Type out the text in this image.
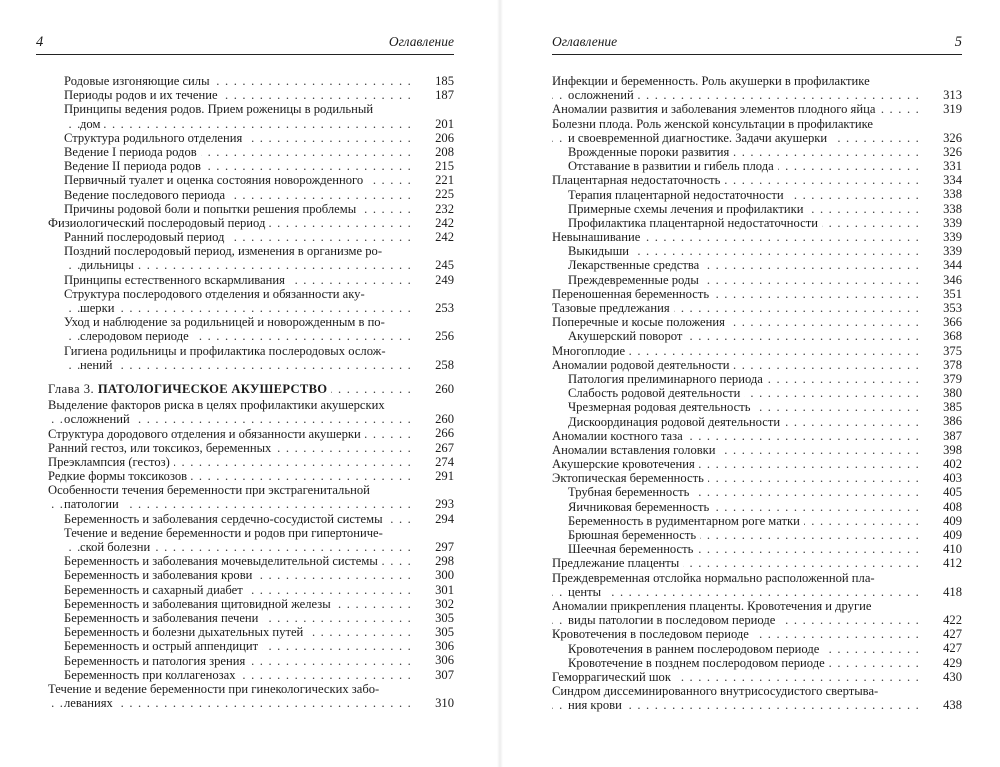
4	Оглавление
. . . Родовые изгоняющие силы	185
. . . Периоды родов и их течение	187
Принципы ведения родов. Прием роженицы в родильный
. . . дом	201
. . . Структура родильного отделения	206
. . . Ведение I периода родов	208
. . . Ведение II периода родов	215
. . . Первичный туалет и оценка состояния новорожденного	221
. . . Ведение последового периода	225
. . . Причины родовой боли и попытки решения проблемы	232
. . . Физиологический послеродовый период	242
. . . Ранний послеродовый период	242
Поздний послеродовый период, изменения в организме ро-
. . . дильницы	245
. . . Принципы естественного вскармливания	249
Структура послеродового отделения и обязанности аку-
. . . шерки	253
Уход и наблюдение за родильницей и новорожденным в по-
. . . слеродовом периоде	256
Гигиена родильницы и профилактика послеродовых ослож-
. . . нений	258
. . . Глава 3. ПАТОЛОГИЧЕСКОЕ АКУШЕРСТВО	260
Выделение факторов риска в целях профилактики акушерских
. . . осложнений	260
. . . Структура дородового отделения и обязанности акушерки	266
. . . Ранний гестоз, или токсикоз, беременных	267
. . . Преэклампсия (гестоз)	274
. . . Редкие формы токсикозов	291
Особенности течения беременности при экстрагенитальной
. . . патологии	293
. . . Беременность и заболевания сердечно-сосудистой системы	294
Течение и ведение беременности и родов при гипертониче-
. . . ской болезни	297
. . . Беременность и заболевания мочевыделительной системы	298
. . . Беременность и заболевания крови	300
. . . Беременность и сахарный диабет	301
. . . Беременность и заболевания щитовидной железы	302
. . . Беременность и заболевания печени	305
. . . Беременность и болезни дыхательных путей	305
. . . Беременность и острый аппендицит	306
. . . Беременность и патология зрения	306
. . . Беременность при коллагенозах	307
Течение и ведение беременности при гинекологических забо-
. . . леваниях	310
Оглавление	5
Инфекции и беременность. Роль акушерки в профилактике
. . . осложнений	313
. . . Аномалии развития и заболевания элементов плодного яйца	319
Болезни плода. Роль женской консультации в профилактике
. . . и своевременной диагностике. Задачи акушерки	326
. . . Врожденные пороки развития	326
. . . Отставание в развитии и гибель плода	331
. . . Плацентарная недостаточность	334
. . . Терапия плацентарной недостаточности	338
. . . Примерные схемы лечения и профилактики	338
. . . Профилактика плацентарной недостаточности	339
. . . Невынашивание	339
. . . Выкидыши	339
. . . Лекарственные средства	344
. . . Преждевременные роды	346
. . . Переношенная беременность	351
. . . Тазовые предлежания	353
. . . Поперечные и косые положения	366
. . . Акушерский поворот	368
. . . Многоплодие	375
. . . Аномалии родовой деятельности	378
. . . Патология прелиминарного периода	379
. . . Слабость родовой деятельности	380
. . . Чрезмерная родовая деятельность	385
. . . Дискоординация родовой деятельности	386
. . . Аномалии костного таза	387
. . . Аномалии вставления головки	398
. . . Акушерские кровотечения	402
. . . Эктопическая беременность	403
. . . Трубная беременность	405
. . . Яичниковая беременность	408
. . . Беременность в рудиментарном роге матки	409
. . . Брюшная беременность	409
. . . Шеечная беременность	410
. . . Предлежание плаценты	412
Преждевременная отслойка нормально расположенной пла-
. . . центы	418
Аномалии прикрепления плаценты. Кровотечения и другие
. . . виды патологии в последовом периоде	422
. . . Кровотечения в последовом периоде	427
. . . Кровотечения в раннем послеродовом периоде	427
. . . Кровотечение в позднем послеродовом периоде	429
. . . Геморрагический шок	430
Синдром диссеминированного внутрисосудистого свертыва-
. . . ния крови	438
